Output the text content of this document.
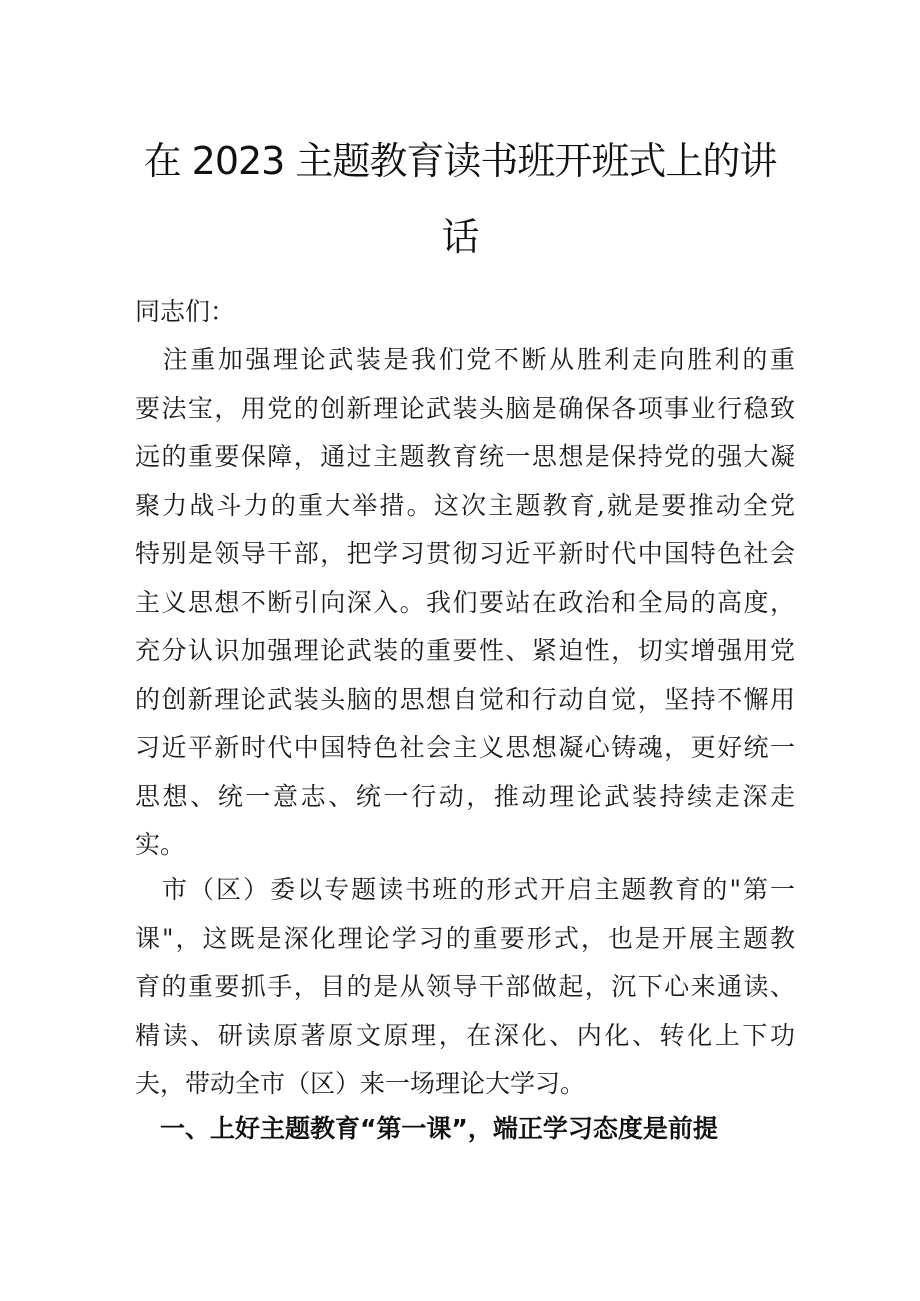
在 2023 主题教育读书班开班式上的讲
话
同志们：
　注重加强理论武装是我们党不断从胜利走向胜利的重
要法宝，用党的创新理论武装头脑是确保各项事业行稳致
远的重要保障，通过主题教育统一思想是保持党的强大凝
聚力战斗力的重大举措。这次主题教育,就是要推动全党
特别是领导干部，把学习贯彻习近平新时代中国特色社会
主义思想不断引向深入。我们要站在政治和全局的高度，
充分认识加强理论武装的重要性、紧迫性，切实增强用党
的创新理论武装头脑的思想自觉和行动自觉，坚持不懈用
习近平新时代中国特色社会主义思想凝心铸魂，更好统一
思想、统一意志、统一行动，推动理论武装持续走深走
实。
　市（区）委以专题读书班的形式开启主题教育的"第一
课"，这既是深化理论学习的重要形式，也是开展主题教
育的重要抓手，目的是从领导干部做起，沉下心来通读、
精读、研读原著原文原理，在深化、内化、转化上下功
夫，带动全市（区）来一场理论大学习。
　一、上好主题教育“第一课”，端正学习态度是前提
